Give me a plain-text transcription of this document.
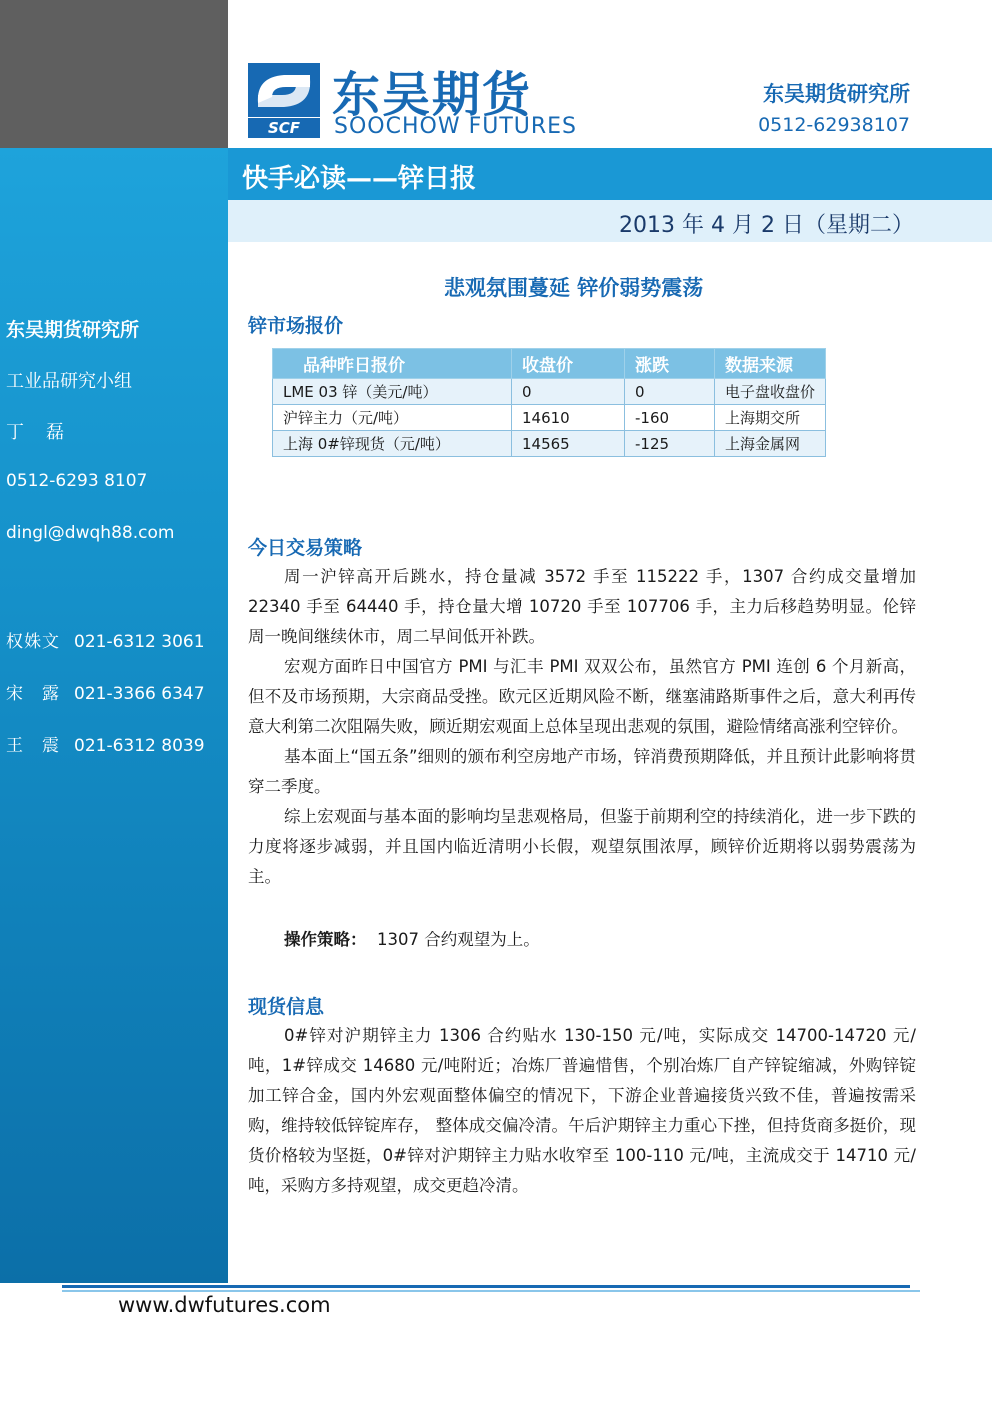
东吴期货研究所
工业品研究小组
丁　磊
0512-6293 8107
dingl@dwqh88.com
权姝文 021-6312 3061
宋　露 021-3366 6347
王　震 021-6312 8039
SCF
东吴期货
SOOCHOW FUTURES
东吴期货研究所
0512-62938107
快手必读——锌日报
2013 年 4 月 2 日（星期二）
悲观氛围蔓延 锌价弱势震荡
锌市场报价
品种昨日报价	收盘价	涨跌	数据来源
LME 03 锌（美元/吨）	0	0	电子盘收盘价
沪锌主力（元/吨）	14610	-160	上海期交所
上海 0#锌现货（元/吨）	14565	-125	上海金属网
今日交易策略

周一沪锌高开后跳水，持仓量减 3572 手至 115222 手，1307 合约成交量增加 22340 手至 64440 手，持仓量大增 10720 手至 107706 手，主力后移趋势明显。伦锌周一晚间继续休市，周二早间低开补跌。

宏观方面昨日中国官方 PMI 与汇丰 PMI 双双公布，虽然官方 PMI 连创 6 个月新高，但不及市场预期，大宗商品受挫。欧元区近期风险不断，继塞浦路斯事件之后，意大利再传意大利第二次阻隔失败，顾近期宏观面上总体呈现出悲观的氛围，避险情绪高涨利空锌价。

基本面上“国五条”细则的颁布利空房地产市场，锌消费预期降低，并且预计此影响将贯穿二季度。

综上宏观面与基本面的影响均呈悲观格局，但鉴于前期利空的持续消化，进一步下跌的力度将逐步减弱，并且国内临近清明小长假，观望氛围浓厚，顾锌价近期将以弱势震荡为主。

操作策略： 1307 合约观望为上。
现货信息

0#锌对沪期锌主力 1306 合约贴水 130-150 元/吨，实际成交 14700-14720 元/吨，1#锌成交 14680 元/吨附近；冶炼厂普遍惜售，个别冶炼厂自产锌锭缩减，外购锌锭加工锌合金，国内外宏观面整体偏空的情况下，下游企业普遍接货兴致不佳，普遍按需采购，维持较低锌锭库存， 整体成交偏冷清。午后沪期锌主力重心下挫，但持货商多挺价，现货价格较为坚挺，0#锌对沪期锌主力贴水收窄至 100-110 元/吨，主流成交于 14710 元/吨，采购方多持观望，成交更趋冷清。

www.dwfutures.com
